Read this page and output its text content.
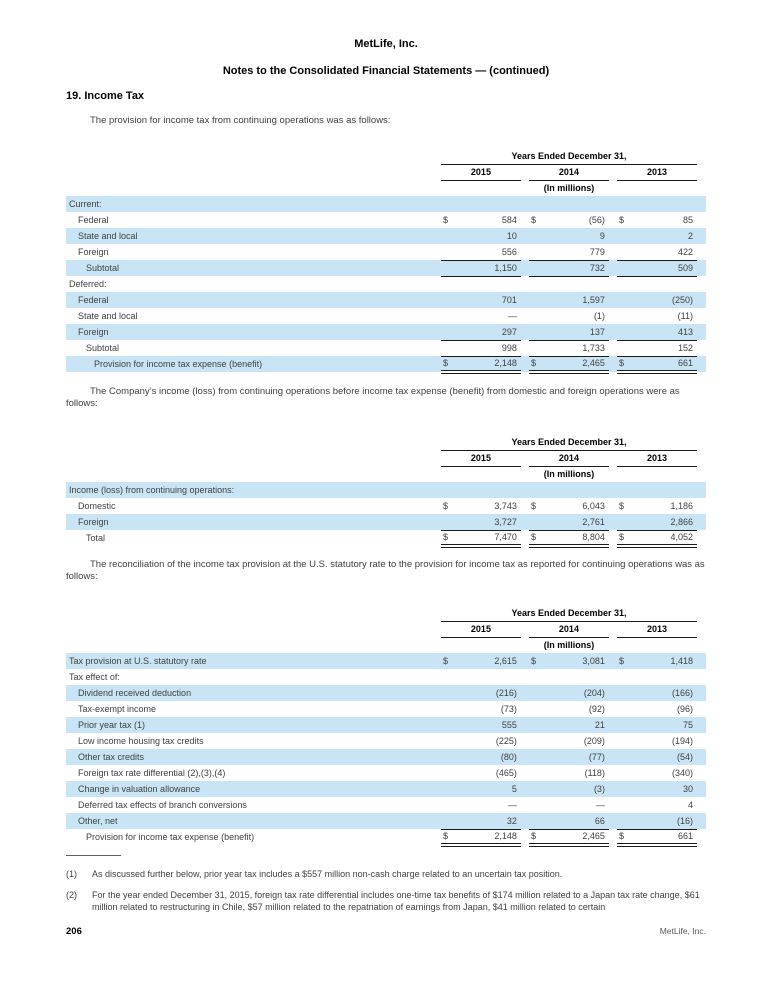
MetLife, Inc.
Notes to the Consolidated Financial Statements — (continued)
19. Income Tax

The provision for income tax from continuing operations was as follows:

	Years Ended December 31,								
	2015			2014			2013		
	(In millions)								
Current:									
Federal	$	584		$	(56)		$	85	
State and local		10			9			2	
Foreign		556			779			422	
Subtotal		1,150			732			509	
Deferred:									
Federal		701			1,597			(250)	
State and local		—			(1)			(11)	
Foreign		297			137			413	
Subtotal		998			1,733			152	
Provision for income tax expense (benefit)	$	2,148		$	2,465		$	661	

The Company’s income (loss) from continuing operations before income tax expense (benefit) from domestic and foreign operations were as follows:

	Years Ended December 31,								
	2015			2014			2013		
	(In millions)								
Income (loss) from continuing operations:									
Domestic	$	3,743		$	6,043		$	1,186	
Foreign		3,727			2,761			2,866	
Total	$	7,470		$	8,804		$	4,052	

The reconciliation of the income tax provision at the U.S. statutory rate to the provision for income tax as reported for continuing operations was as follows:

	Years Ended December 31,								
	2015			2014			2013		
	(In millions)								
Tax provision at U.S. statutory rate	$	2,615		$	3,081		$	1,418	
Tax effect of:									
Dividend received deduction		(216)			(204)			(166)	
Tax-exempt income		(73)			(92)			(96)	
Prior year tax (1)		555			21			75	
Low income housing tax credits		(225)			(209)			(194)	
Other tax credits		(80)			(77)			(54)	
Foreign tax rate differential (2),(3),(4)		(465)			(118)			(340)	
Change in valuation allowance		5			(3)			30	
Deferred tax effects of branch conversions		—			—			4	
Other, net		32			66			(16)	
Provision for income tax expense (benefit)	$	2,148		$	2,465		$	661	
(1)	As discussed further below, prior year tax includes a $557 million non-cash charge related to an uncertain tax position.
(2)	For the year ended December 31, 2015, foreign tax rate differential includes one-time tax benefits of $174 million related to a Japan tax rate change, $61 million related to restructuring in Chile, $57 million related to the repatriation of earnings from Japan, $41 million related to certain
206	MetLife, Inc.
